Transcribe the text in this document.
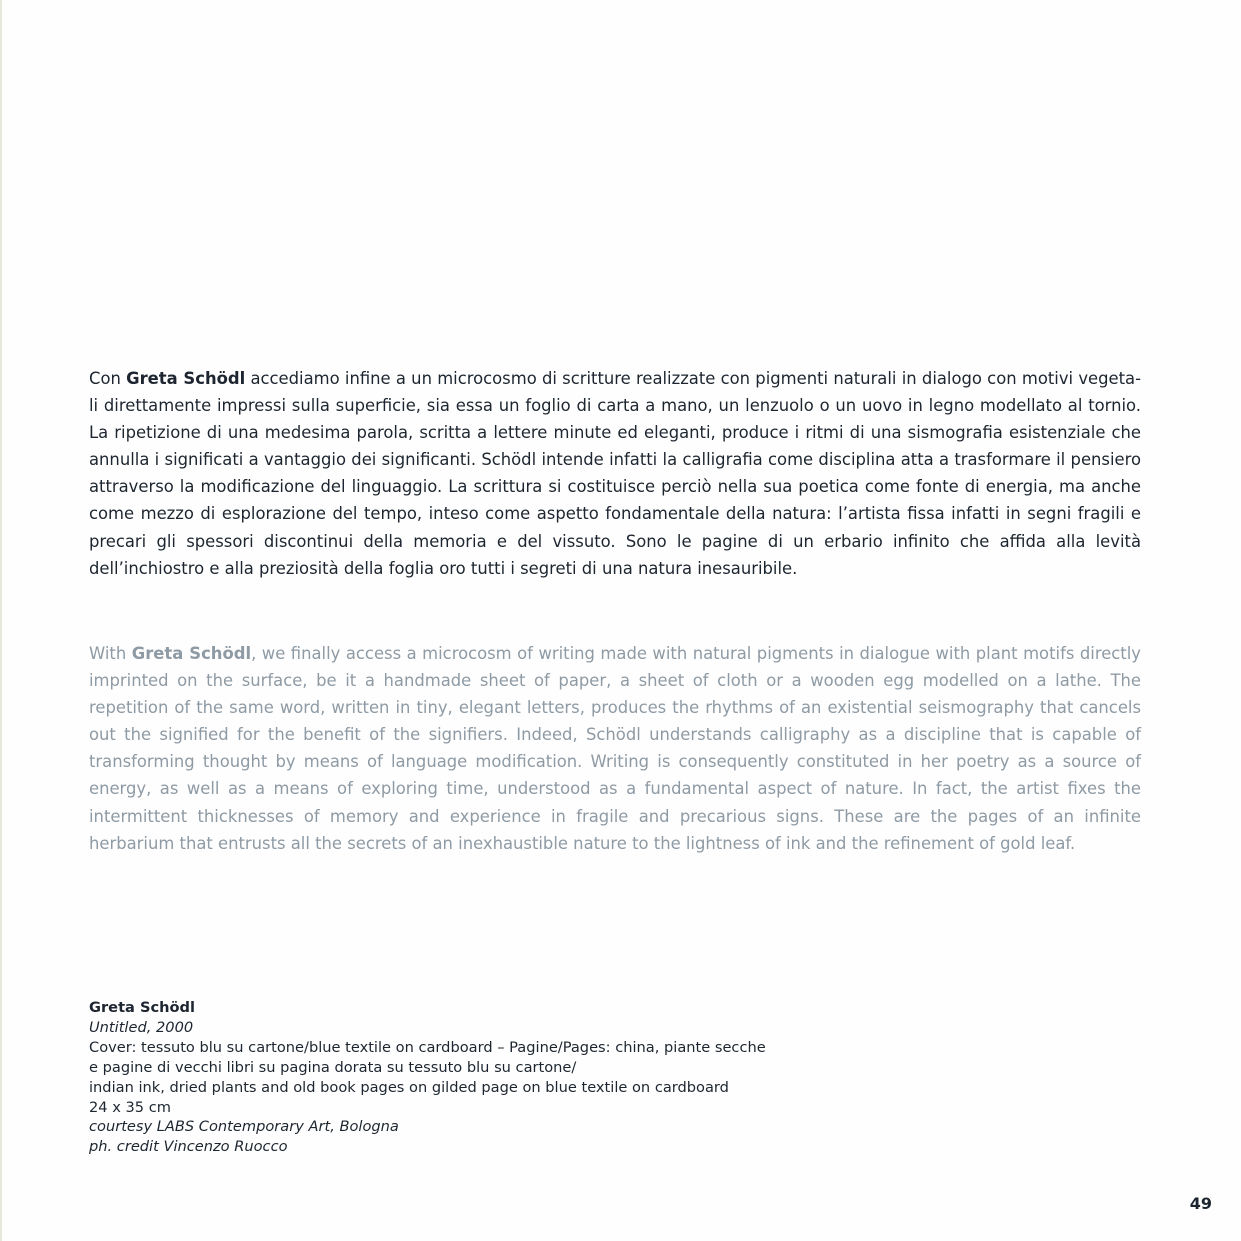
Con Greta Schödl accediamo infine a un microcosmo di scritture realizzate con pigmenti naturali in dialogo con motivi vegeta-li direttamente impressi sulla superficie, sia essa un foglio di carta a mano, un lenzuolo o un uovo in legno modellato al tornio. La ripetizione di una medesima parola, scritta a lettere minute ed eleganti, produce i ritmi di una sismografia esistenziale che annulla i significati a vantaggio dei significanti. Schödl intende infatti la calligrafia come disciplina atta a trasformare il pensiero attraverso la modificazione del linguaggio. La scrittura si costituisce perciò nella sua poetica come fonte di energia, ma anche come mezzo di esplorazione del tempo, inteso come aspetto fondamentale della natura: l’artista fissa infatti in segni fragili e precari gli spessori discontinui della memoria e del vissuto. Sono le pagine di un erbario infinito che affida alla levità dell’inchiostro e alla preziosità della foglia oro tutti i segreti di una natura inesauribile.

With Greta Schödl, we finally access a microcosm of writing made with natural pigments in dialogue with plant motifs directly imprinted on the surface, be it a handmade sheet of paper, a sheet of cloth or a wooden egg modelled on a lathe. The repetition of the same word, written in tiny, elegant letters, produces the rhythms of an existential seismography that cancels out the signified for the benefit of the signifiers. Indeed, Schödl understands calligraphy as a discipline that is capable of transforming thought by means of language modification. Writing is consequently constituted in her poetry as a source of energy, as well as a means of exploring time, understood as a fundamental aspect of nature. In fact, the artist fixes the intermittent thicknesses of memory and experience in fragile and precarious signs. These are the pages of an infinite herbarium that entrusts all the secrets of an inexhaustible nature to the lightness of ink and the refinement of gold leaf.

Greta Schödl
Untitled, 2000
Cover: tessuto blu su cartone/blue textile on cardboard – Pagine/Pages: china, piante secche
e pagine di vecchi libri su pagina dorata su tessuto blu su cartone/
indian ink, dried plants and old book pages on gilded page on blue textile on cardboard
24 x 35 cm
courtesy LABS Contemporary Art, Bologna
ph. credit Vincenzo Ruocco
49
